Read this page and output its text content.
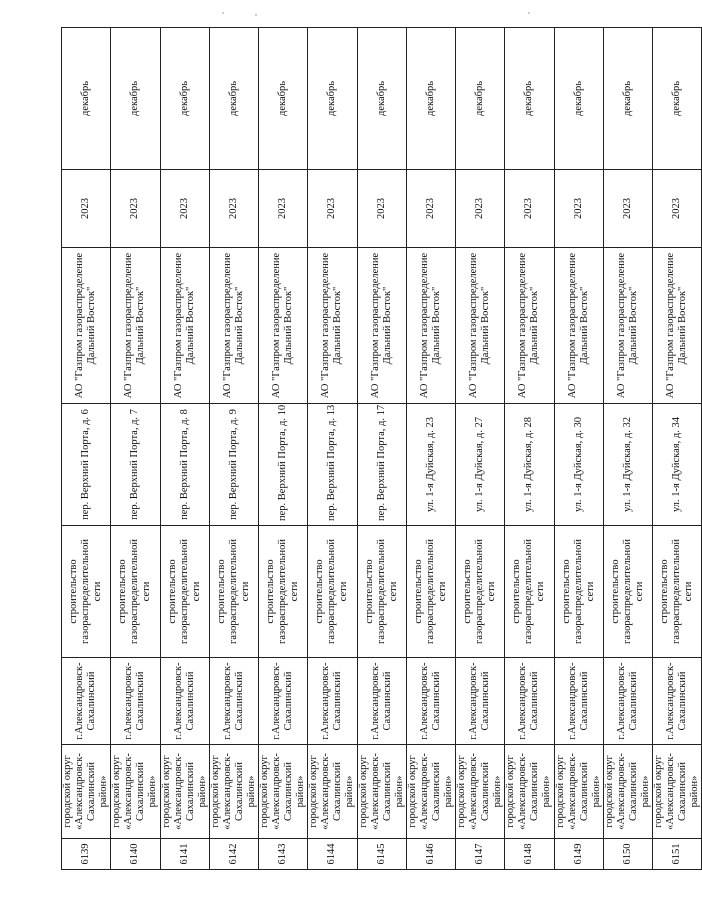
6139	городской округ «Александровск-Сахалинский район»	г.Александровск-Сахалинский	строительство газораспределительной сети	пер. Верхний Порта, д. 6	АО "Газпром газораспределение Дальний Восток"	2023	декабрь
6140	городской округ «Александровск-Сахалинский район»	г.Александровск-Сахалинский	строительство газораспределительной сети	пер. Верхний Порта, д. 7	АО "Газпром газораспределение Дальний Восток"	2023	декабрь
6141	городской округ «Александровск-Сахалинский район»	г.Александровск-Сахалинский	строительство газораспределительной сети	пер. Верхний Порта, д. 8	АО "Газпром газораспределение Дальний Восток"	2023	декабрь
6142	городской округ «Александровск-Сахалинский район»	г.Александровск-Сахалинский	строительство газораспределительной сети	пер. Верхний Порта, д. 9	АО "Газпром газораспределение Дальний Восток"	2023	декабрь
6143	городской округ «Александровск-Сахалинский район»	г.Александровск-Сахалинский	строительство газораспределительной сети	пер. Верхний Порта, д. 10	АО "Газпром газораспределение Дальний Восток"	2023	декабрь
6144	городской округ «Александровск-Сахалинский район»	г.Александровск-Сахалинский	строительство газораспределительной сети	пер. Верхний Порта, д. 13	АО "Газпром газораспределение Дальний Восток"	2023	декабрь
6145	городской округ «Александровск-Сахалинский район»	г.Александровск-Сахалинский	строительство газораспределительной сети	пер. Верхний Порта, д. 17	АО "Газпром газораспределение Дальний Восток"	2023	декабрь
6146	городской округ «Александровск-Сахалинский район»	г.Александровск-Сахалинский	строительство газораспределительной сети	ул. 1-я Дуйская, д. 23	АО "Газпром газораспределение Дальний Восток"	2023	декабрь
6147	городской округ «Александровск-Сахалинский район»	г.Александровск-Сахалинский	строительство газораспределительной сети	ул. 1-я Дуйская, д. 27	АО "Газпром газораспределение Дальний Восток"	2023	декабрь
6148	городской округ «Александровск-Сахалинский район»	г.Александровск-Сахалинский	строительство газораспределительной сети	ул. 1-я Дуйская, д. 28	АО "Газпром газораспределение Дальний Восток"	2023	декабрь
6149	городской округ «Александровск-Сахалинский район»	г.Александровск-Сахалинский	строительство газораспределительной сети	ул. 1-я Дуйская, д. 30	АО "Газпром газораспределение Дальний Восток"	2023	декабрь
6150	городской округ «Александровск-Сахалинский район»	г.Александровск-Сахалинский	строительство газораспределительной сети	ул. 1-я Дуйская, д. 32	АО "Газпром газораспределение Дальний Восток"	2023	декабрь
6151	городской округ «Александровск-Сахалинский район»	г.Александровск-Сахалинский	строительство газораспределительной сети	ул. 1-я Дуйская, д. 34	АО "Газпром газораспределение Дальний Восток"	2023	декабрь
